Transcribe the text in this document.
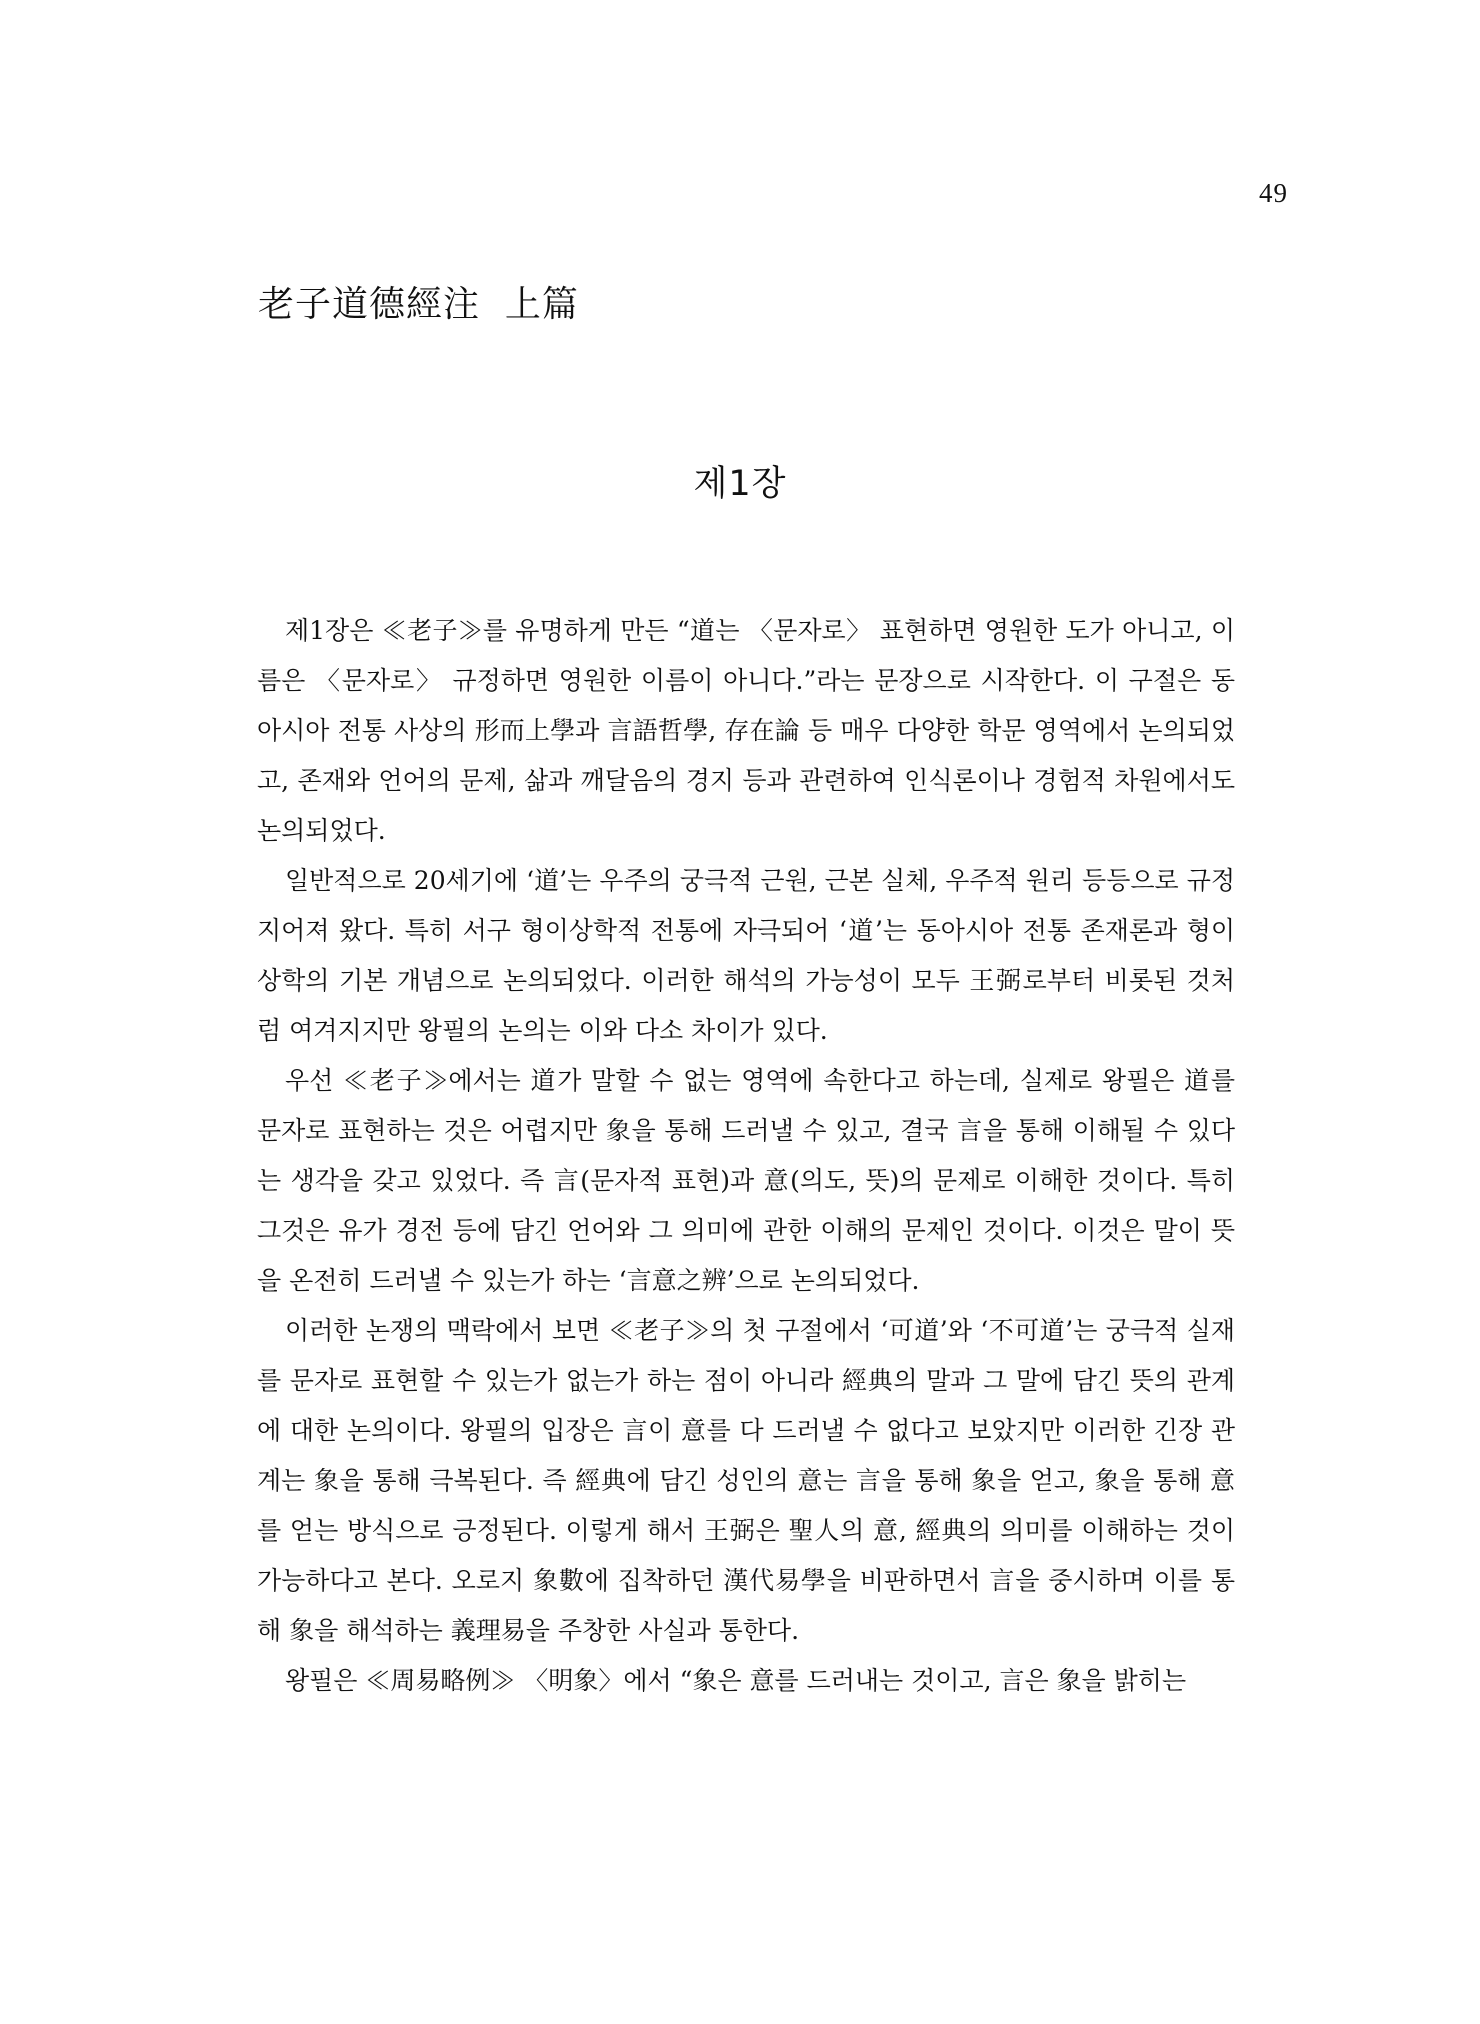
49
老子道德經注  上篇
제1장

제1장은 ≪老子≫를 유명하게 만든 “道는 〈문자로〉 표현하면 영원한 도가 아니고, 이름은 〈문자로〉 규정하면 영원한 이름이 아니다.”라는 문장으로 시작한다. 이 구절은 동아시아 전통 사상의 形而上學과 言語哲學, 存在論 등 매우 다양한 학문 영역에서 논의되었고, 존재와 언어의 문제, 삶과 깨달음의 경지 등과 관련하여 인식론이나 경험적 차원에서도 논의되었다.

일반적으로 20세기에 ‘道’는 우주의 궁극적 근원, 근본 실체, 우주적 원리 등등으로 규정지어져 왔다. 특히 서구 형이상학적 전통에 자극되어 ‘道’는 동아시아 전통 존재론과 형이상학의 기본 개념으로 논의되었다. 이러한 해석의 가능성이 모두 王弼로부터 비롯된 것처럼 여겨지지만 왕필의 논의는 이와 다소 차이가 있다.

우선 ≪老子≫에서는 道가 말할 수 없는 영역에 속한다고 하는데, 실제로 왕필은 道를 문자로 표현하는 것은 어렵지만 象을 통해 드러낼 수 있고, 결국 言을 통해 이해될 수 있다는 생각을 갖고 있었다. 즉 言(문자적 표현)과 意(의도, 뜻)의 문제로 이해한 것이다. 특히 그것은 유가 경전 등에 담긴 언어와 그 의미에 관한 이해의 문제인 것이다. 이것은 말이 뜻을 온전히 드러낼 수 있는가 하는 ‘言意之辨’으로 논의되었다.

이러한 논쟁의 맥락에서 보면 ≪老子≫의 첫 구절에서 ‘可道’와 ‘不可道’는 궁극적 실재를 문자로 표현할 수 있는가 없는가 하는 점이 아니라 經典의 말과 그 말에 담긴 뜻의 관계에 대한 논의이다. 왕필의 입장은 言이 意를 다 드러낼 수 없다고 보았지만 이러한 긴장 관계는 象을 통해 극복된다. 즉 經典에 담긴 성인의 意는 言을 통해 象을 얻고, 象을 통해 意를 얻는 방식으로 긍정된다. 이렇게 해서 王弼은 聖人의 意, 經典의 의미를 이해하는 것이 가능하다고 본다. 오로지 象數에 집착하던 漢代易學을 비판하면서 言을 중시하며 이를 통해 象을 해석하는 義理易을 주창한 사실과 통한다.

왕필은 ≪周易略例≫ 〈明象〉에서 “象은 意를 드러내는 것이고, 言은 象을 밝히는
